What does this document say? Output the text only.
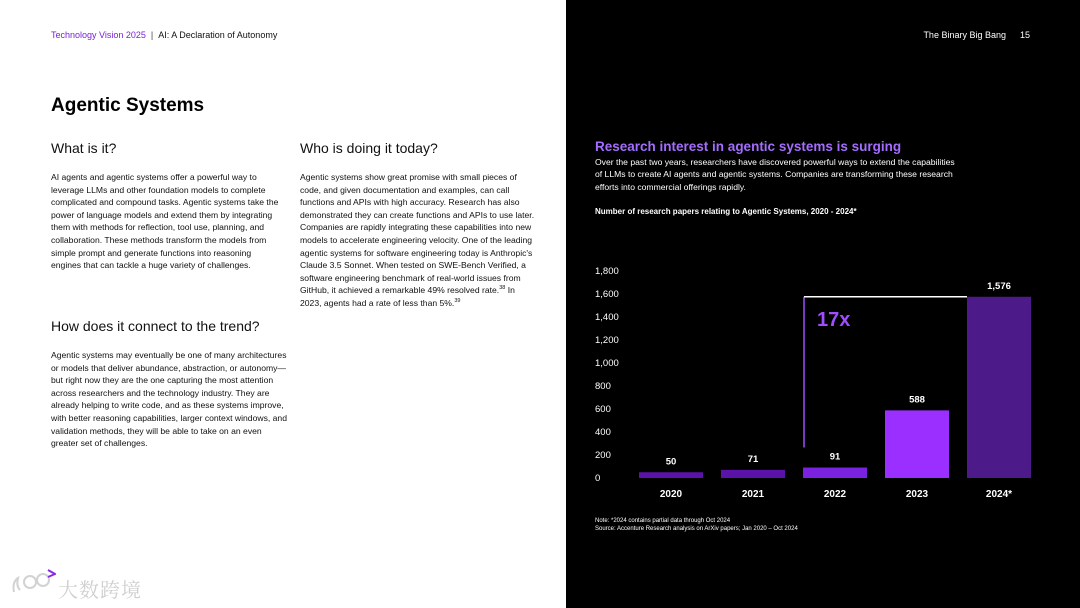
Technology Vision 2025 | AI: A Declaration of Autonomy
Agentic Systems
What is it?

AI agents and agentic systems offer a powerful way to leverage LLMs and other foundation models to complete complicated and compound tasks. Agentic systems take the power of language models and extend them by integrating them with methods for reflection, tool use, planning, and collaboration. These methods transform the models from simple prompt and generate functions into reasoning engines that can tackle a huge variety of challenges.

How does it connect to the trend?

Agentic systems may eventually be one of many architectures or models that deliver abundance, abstraction, or autonomy—but right now they are the one capturing the most attention across researchers and the technology industry. They are already helping to write code, and as these systems improve, with better reasoning capabilities, larger context windows, and validation methods, they will be able to take on an even greater set of challenges.

Who is doing it today?

Agentic systems show great promise with small pieces of code, and given documentation and examples, can call functions and APIs with high accuracy. Research has also demonstrated they can create functions and APIs to use later. Companies are rapidly integrating these capabilities into new models to accelerate engineering velocity. One of the leading agentic systems for software engineering today is Anthropic's Claude 3.5 Sonnet. When tested on SWE-Bench Verified, a software engineering benchmark of real-world issues from GitHub, it achieved a remarkable 49% resolved rate.$^{38}$ In 2023, agents had a rate of less than 5%.$^{39}$

大数跨境
The Binary Big Bang 15
Research interest in agentic systems is surging

Over the past two years, researchers have discovered powerful ways to extend the capabilities of LLMs to create AI agents and agentic systems. Companies are transforming these research efforts into commercial offerings rapidly.

Number of research papers relating to Agentic Systems, 2020 - 2024*
0
200
400
600
800
1,000
1,200
1,400
1,600
1,800
17x
50
2020
71
2021
91
2022
588
2023
1,576
2024*
Note: *2024 contains partial data through Oct 2024
Source: Accenture Research analysis on ArXiv papers; Jan 2020 – Oct 2024
